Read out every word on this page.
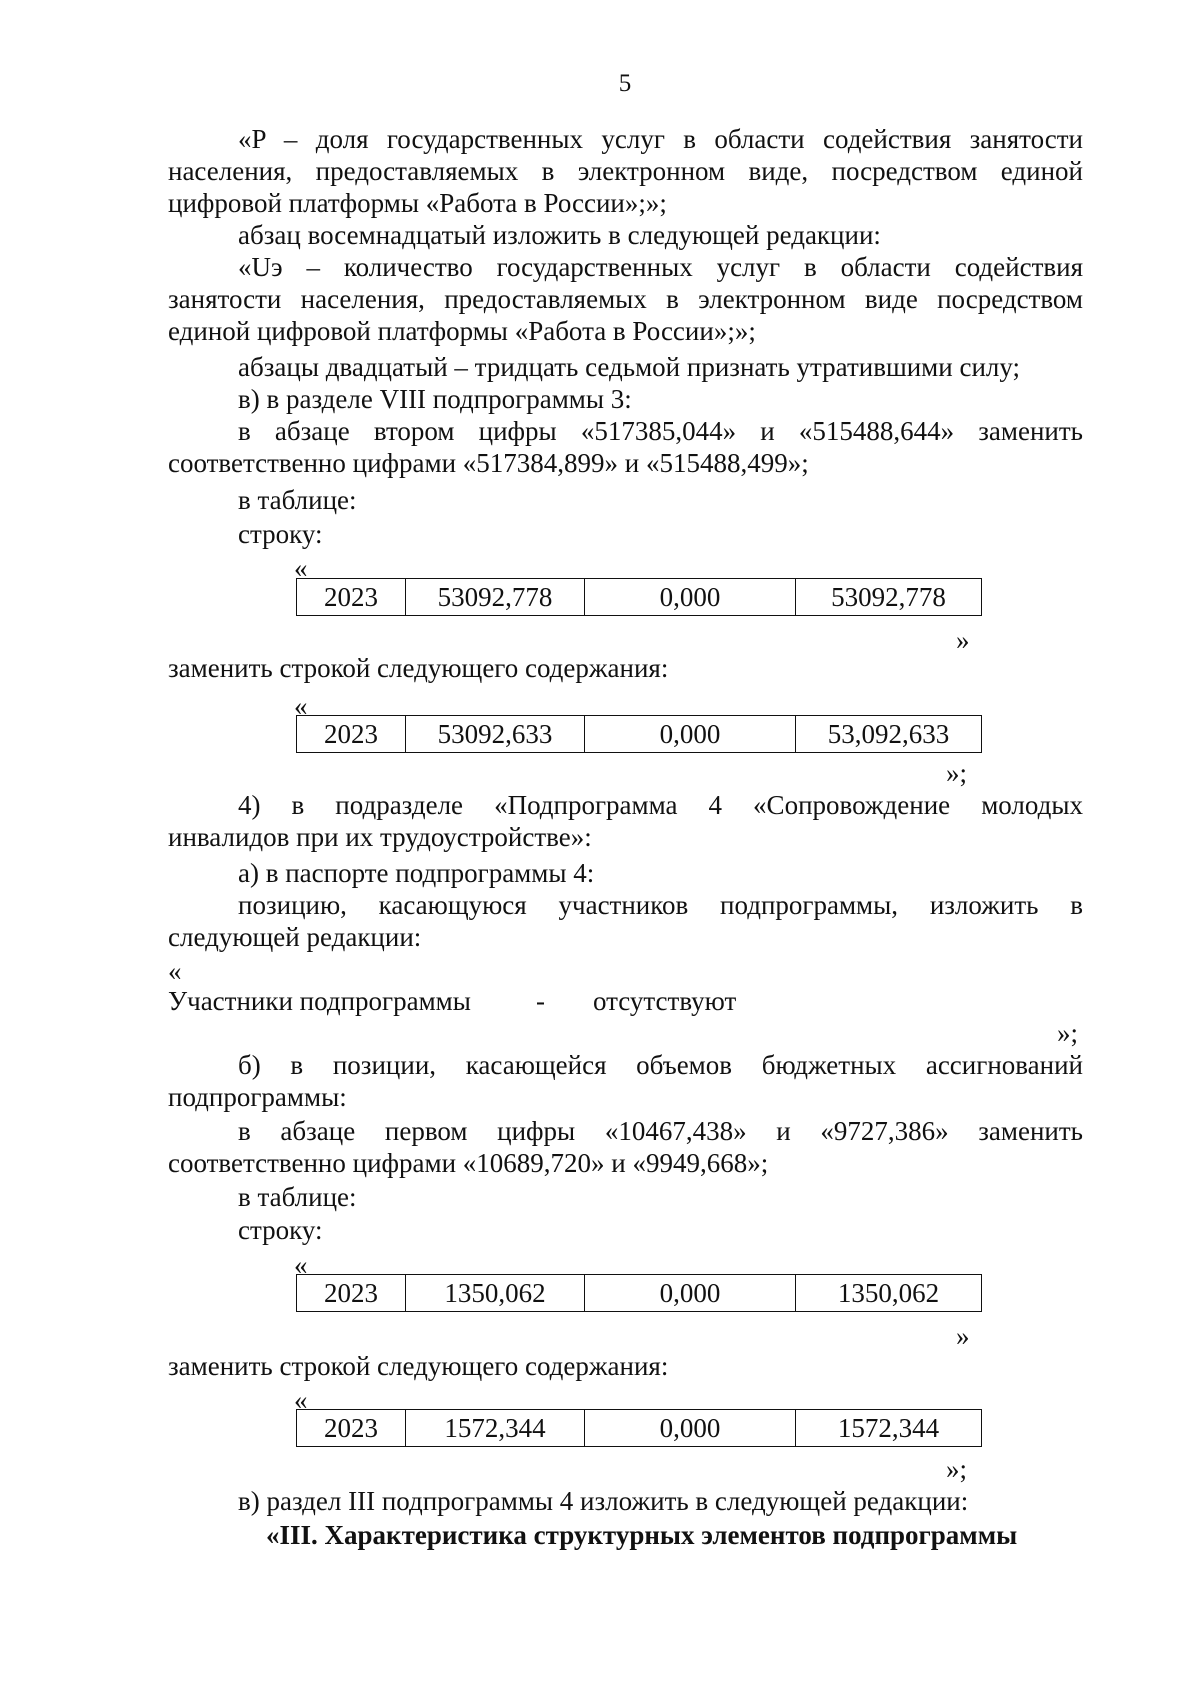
5
«P – доля государственных услуг в области содействия занятости
населения, предоставляемых в электронном виде, посредством единой
цифровой платформы «Работа в России»;»;
абзац восемнадцатый изложить в следующей редакции:
«Uэ – количество государственных услуг в области содействия
занятости населения, предоставляемых в электронном виде посредством
единой цифровой платформы «Работа в России»;»;
абзацы двадцатый – тридцать седьмой признать утратившими силу;
в) в разделе VIII подпрограммы 3:
в абзаце втором цифры «517385,044» и «515488,644» заменить
соответственно цифрами «517384,899» и «515488,499»;
в таблице:
строку:
«
2023	53092,778	0,000	53092,778
»
заменить строкой следующего содержания:
«
2023	53092,633	0,000	53,092,633
»;
4) в подразделе «Подпрограмма 4 «Сопровождение молодых
инвалидов при их трудоустройстве»:
а) в паспорте подпрограммы 4:
позицию, касающуюся участников подпрограммы, изложить в
следующей редакции:
«
Участники подпрограммы - отсутствуют
»;
б) в позиции, касающейся объемов бюджетных ассигнований
подпрограммы:
в абзаце первом цифры «10467,438» и «9727,386» заменить
соответственно цифрами «10689,720» и «9949,668»;
в таблице:
строку:
«
2023	1350,062	0,000	1350,062
»
заменить строкой следующего содержания:
«
2023	1572,344	0,000	1572,344
»;
в) раздел III подпрограммы 4 изложить в следующей редакции:
«III. Характеристика структурных элементов подпрограммы
